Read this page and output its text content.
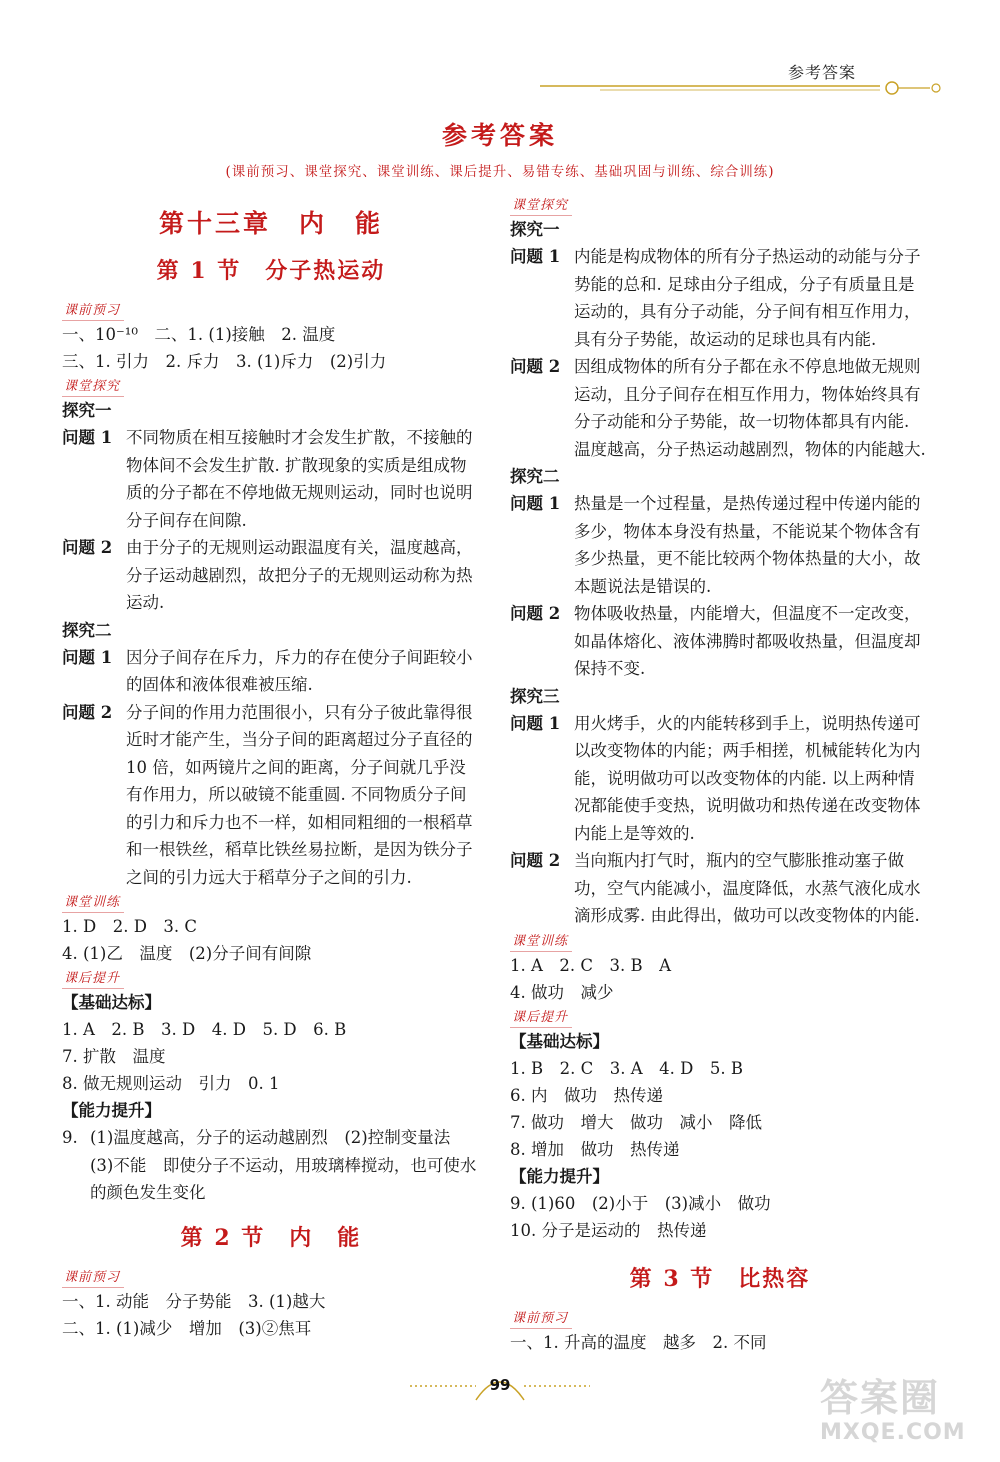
参考答案
参考答案
(课前预习、课堂探究、课堂训练、课后提升、易错专练、基础巩固与训练、综合训练)
第十三章　内　能
第 1 节　分子热运动
课前预习
一、10⁻¹⁰　二、1. (1)接触　2. 温度
三、1. 引力　2. 斥力　3. (1)斥力　(2)引力
课堂探究
探究一
问题 1 不同物质在相互接触时才会发生扩散，不接触的物体间不会发生扩散. 扩散现象的实质是组成物质的分子都在不停地做无规则运动，同时也说明分子间存在间隙.
问题 2 由于分子的无规则运动跟温度有关，温度越高，分子运动越剧烈，故把分子的无规则运动称为热运动.
探究二
问题 1 因分子间存在斥力，斥力的存在使分子间距较小的固体和液体很难被压缩.
问题 2 分子间的作用力范围很小，只有分子彼此靠得很近时才能产生，当分子间的距离超过分子直径的 10 倍，如两镜片之间的距离，分子间就几乎没有作用力，所以破镜不能重圆. 不同物质分子间的引力和斥力也不一样，如相同粗细的一根稻草和一根铁丝，稻草比铁丝易拉断，是因为铁分子之间的引力远大于稻草分子之间的引力.
课堂训练
1. D　2. D　3. C
4. (1)乙　温度　(2)分子间有间隙
课后提升
【基础达标】
1. A　2. B　3. D　4. D　5. D　6. B
7. 扩散　温度
8. 做无规则运动　引力　0. 1
【能力提升】
9. (1)温度越高，分子的运动越剧烈　(2)控制变量法　(3)不能　即使分子不运动，用玻璃棒搅动，也可使水的颜色发生变化
第 2 节　内　能
课前预习
一、1. 动能　分子势能　3. (1)越大
二、1. (1)减少　增加　(3)②焦耳
课堂探究
探究一
问题 1 内能是构成物体的所有分子热运动的动能与分子势能的总和. 足球由分子组成，分子有质量且是运动的，具有分子动能，分子间有相互作用力，具有分子势能，故运动的足球也具有内能.
问题 2 因组成物体的所有分子都在永不停息地做无规则运动，且分子间存在相互作用力，物体始终具有分子动能和分子势能，故一切物体都具有内能. 温度越高，分子热运动越剧烈，物体的内能越大.
探究二
问题 1 热量是一个过程量，是热传递过程中传递内能的多少，物体本身没有热量，不能说某个物体含有多少热量，更不能比较两个物体热量的大小，故本题说法是错误的.
问题 2 物体吸收热量，内能增大，但温度不一定改变，如晶体熔化、液体沸腾时都吸收热量，但温度却保持不变.
探究三
问题 1 用火烤手，火的内能转移到手上，说明热传递可以改变物体的内能；两手相搓，机械能转化为内能，说明做功可以改变物体的内能. 以上两种情况都能使手变热，说明做功和热传递在改变物体内能上是等效的.
问题 2 当向瓶内打气时，瓶内的空气膨胀推动塞子做功，空气内能减小，温度降低，水蒸气液化成水滴形成雾. 由此得出，做功可以改变物体的内能.
课堂训练
1. A　2. C　3. B　A
4. 做功　减少
课后提升
【基础达标】
1. B　2. C　3. A　4. D　5. B
6. 内　做功　热传递
7. 做功　增大　做功　减小　降低
8. 增加　做功　热传递
【能力提升】
9. (1)60　(2)小于　(3)减小　做功
10. 分子是运动的　热传递
第 3 节　比热容
课前预习
一、1. 升高的温度　越多　2. 不同
99	答案圈
MXQE.COM
